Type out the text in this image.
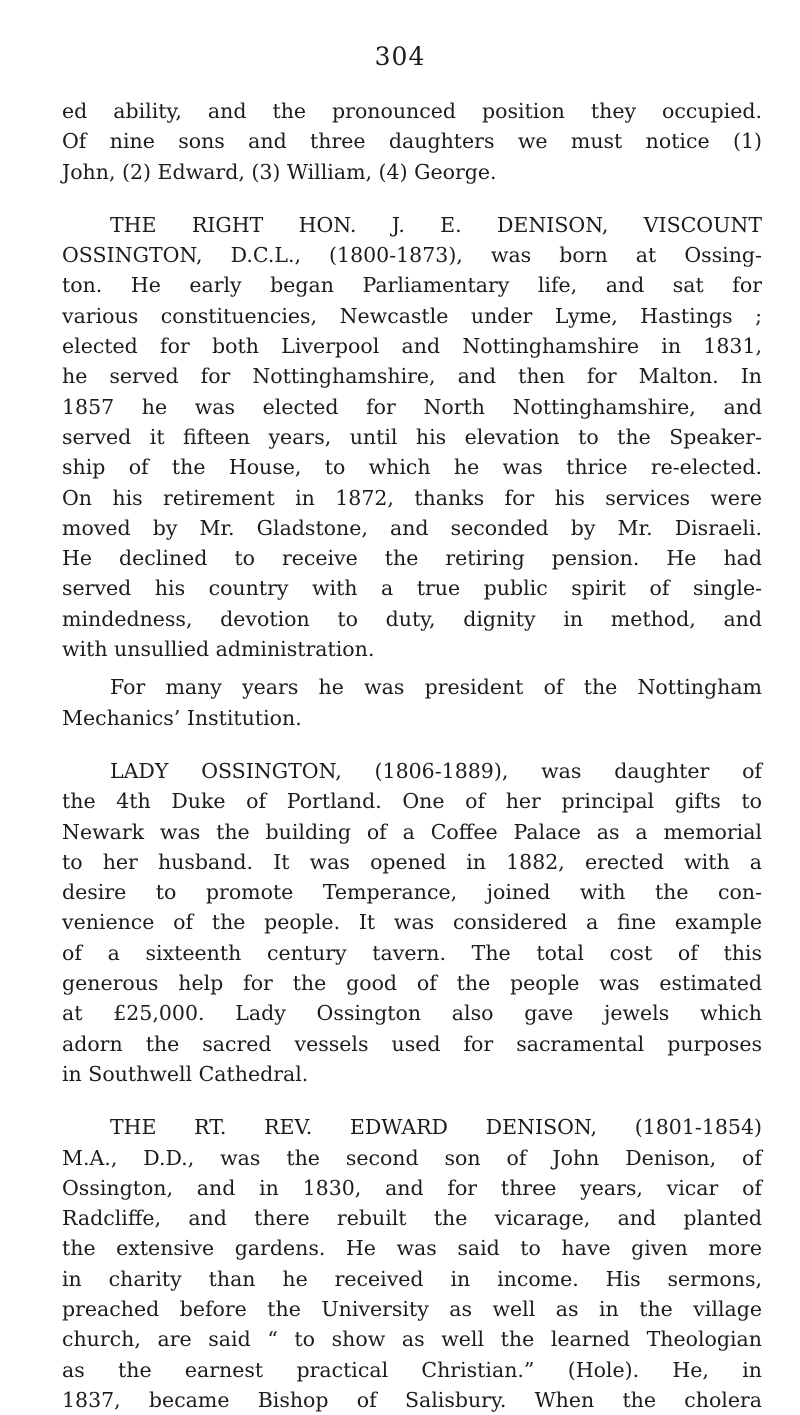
304

ed ability, and the pronounced position they occupied.
Of nine sons and three daughters we must notice (1)
John, (2) Edward, (3) William, (4) George.

THE RIGHT HON. J. E. DENISON, VISCOUNT
OSSINGTON, D.C.L., (1800-1873), was born at Ossing-
ton. He early began Parliamentary life, and sat for
various constituencies, Newcastle under Lyme, Hastings ;
elected for both Liverpool and Nottinghamshire in 1831,
he served for Nottinghamshire, and then for Malton. In
1857 he was elected for North Nottinghamshire, and
served it fifteen years, until his elevation to the Speaker-
ship of the House, to which he was thrice re-elected.
On his retirement in 1872, thanks for his services were
moved by Mr. Gladstone, and seconded by Mr. Disraeli.
He declined to receive the retiring pension. He had
served his country with a true public spirit of single-
mindedness, devotion to duty, dignity in method, and
with unsullied administration.

For many years he was president of the Nottingham
Mechanics’ Institution.

LADY OSSINGTON, (1806-1889), was daughter of
the 4th Duke of Portland. One of her principal gifts to
Newark was the building of a Coffee Palace as a memorial
to her husband. It was opened in 1882, erected with a
desire to promote Temperance, joined with the con-
venience of the people. It was considered a fine example
of a sixteenth century tavern. The total cost of this
generous help for the good of the people was estimated
at £25,000. Lady Ossington also gave jewels which
adorn the sacred vessels used for sacramental purposes
in Southwell Cathedral.

THE RT. REV. EDWARD DENISON, (1801-1854)
M.A., D.D., was the second son of John Denison, of
Ossington, and in 1830, and for three years, vicar of
Radcliffe, and there rebuilt the vicarage, and planted
the extensive gardens. He was said to have given more
in charity than he received in income. His sermons,
preached before the University as well as in the village
church, are said “ to show as well the learned Theologian
as the earnest practical Christian.” (Hole). He, in
1837, became Bishop of Salisbury. When the cholera
